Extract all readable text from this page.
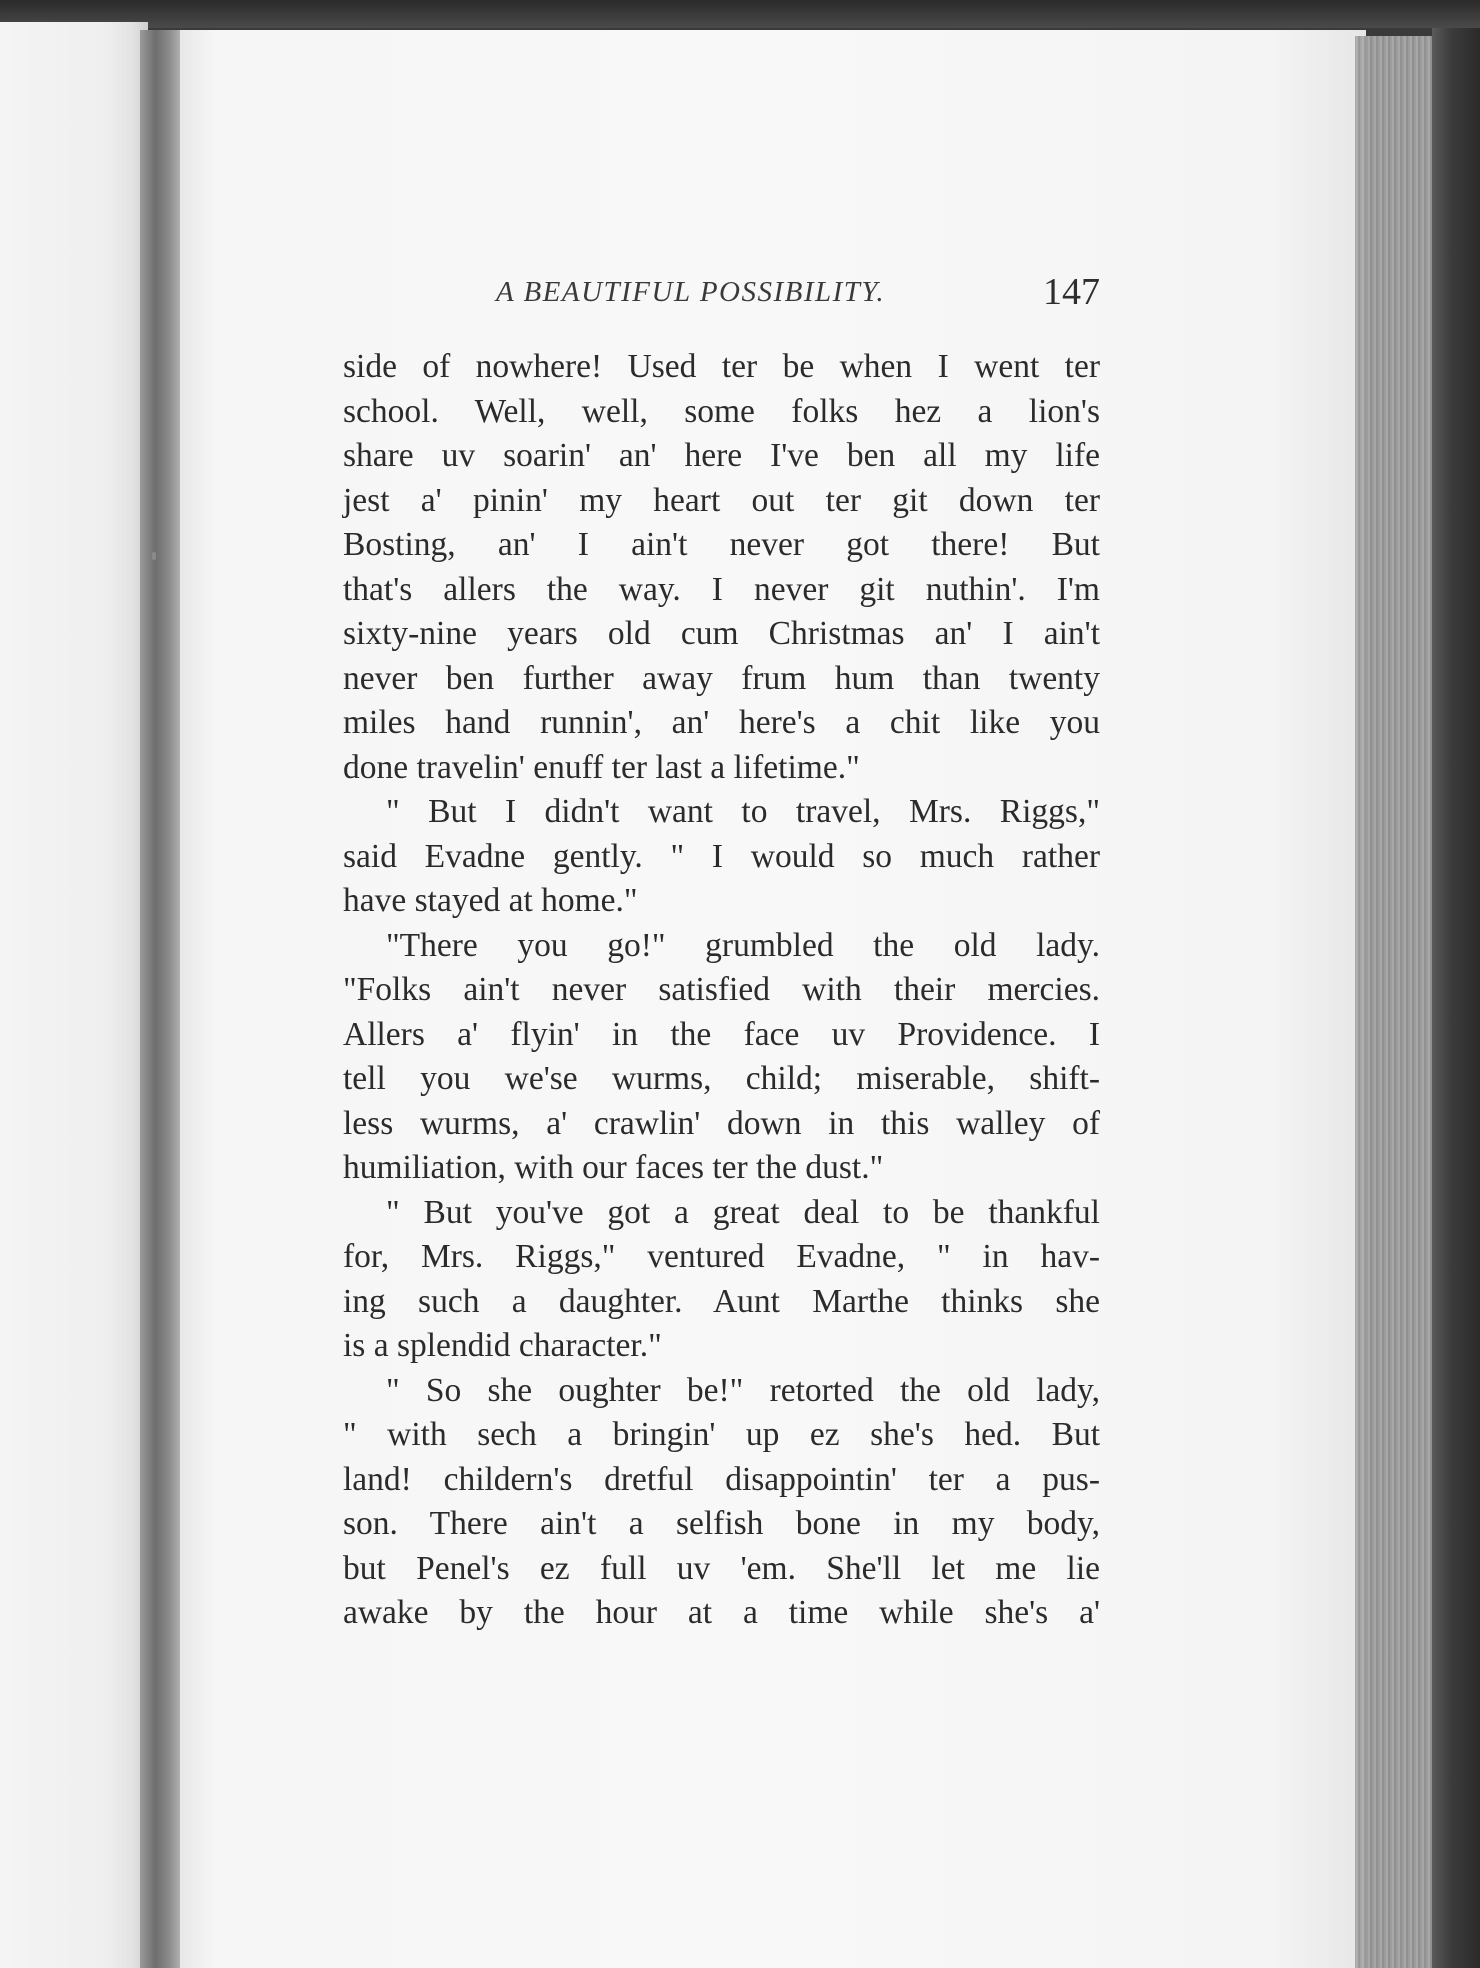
A BEAUTIFUL POSSIBILITY.	147
side of nowhere! Used ter be when I went ter
school. Well, well, some folks hez a lion's
share uv soarin' an' here I've ben all my life
jest a' pinin' my heart out ter git down ter
Bosting, an' I ain't never got there! But
that's allers the way. I never git nuthin'. I'm
sixty-nine years old cum Christmas an' I ain't
never ben further away frum hum than twenty
miles hand runnin', an' here's a chit like you
done travelin' enuff ter last a lifetime."
" But I didn't want to travel, Mrs. Riggs,"
said Evadne gently. " I would so much rather
have stayed at home."
"There you go!" grumbled the old lady.
"Folks ain't never satisfied with their mercies.
Allers a' flyin' in the face uv Providence. I
tell you we'se wurms, child; miserable, shift-
less wurms, a' crawlin' down in this walley of
humiliation, with our faces ter the dust."
" But you've got a great deal to be thankful
for, Mrs. Riggs," ventured Evadne, " in hav-
ing such a daughter. Aunt Marthe thinks she
is a splendid character."
" So she oughter be!" retorted the old lady,
" with sech a bringin' up ez she's hed. But
land! childern's dretful disappointin' ter a pus-
son. There ain't a selfish bone in my body,
but Penel's ez full uv 'em. She'll let me lie
awake by the hour at a time while she's a'
